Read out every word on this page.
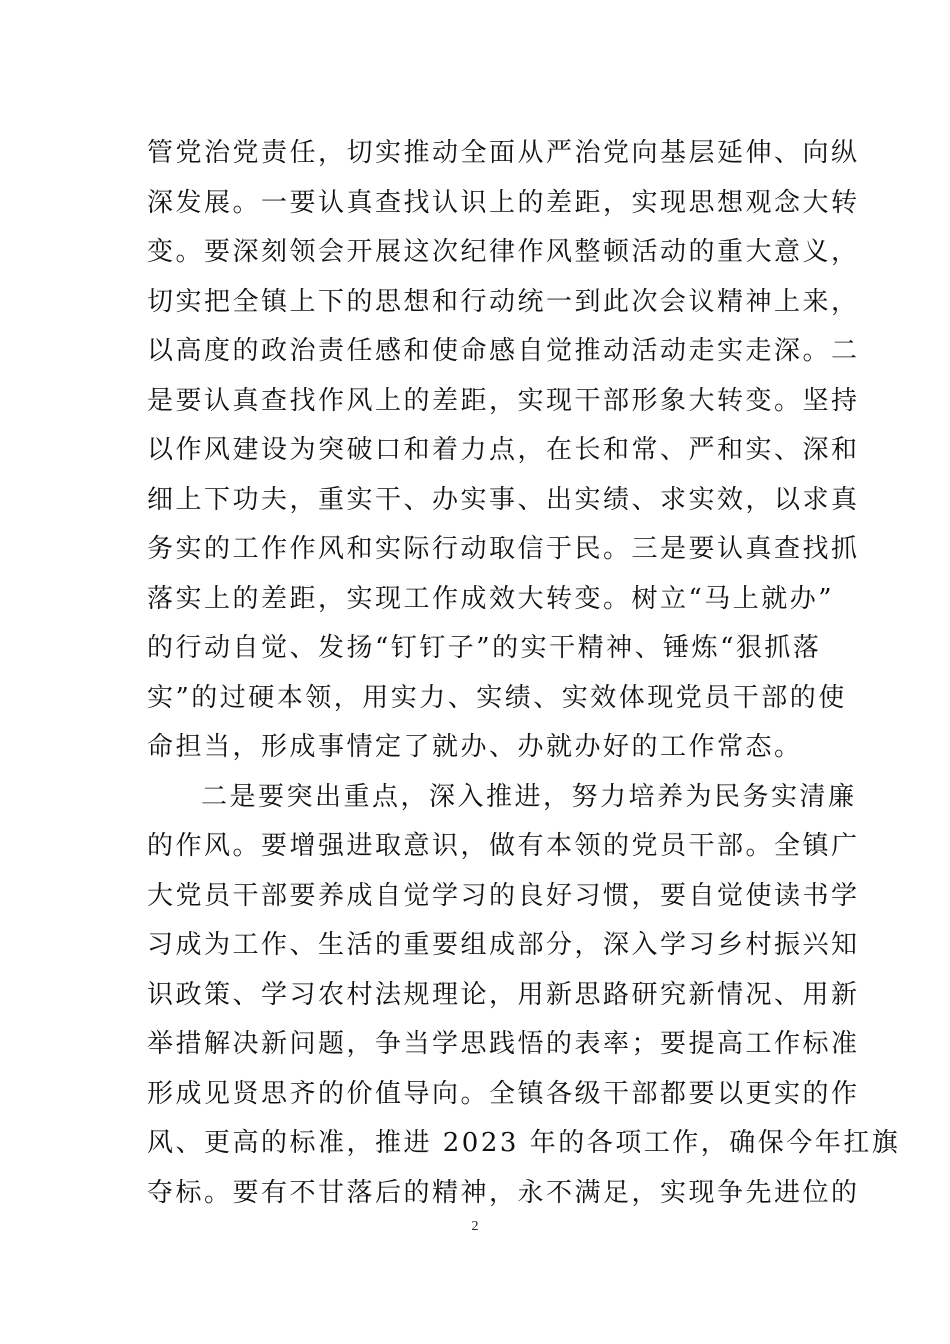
管党治党责任，切实推动全面从严治党向基层延伸、向纵
深发展。一要认真查找认识上的差距，实现思想观念大转
变。要深刻领会开展这次纪律作风整顿活动的重大意义，
切实把全镇上下的思想和行动统一到此次会议精神上来，
以高度的政治责任感和使命感自觉推动活动走实走深。二
是要认真查找作风上的差距，实现干部形象大转变。坚持
以作风建设为突破口和着力点，在长和常、严和实、深和
细上下功夫，重实干、办实事、出实绩、求实效，以求真
务实的工作作风和实际行动取信于民。三是要认真查找抓
落实上的差距，实现工作成效大转变。树立“马上就办”
的行动自觉、发扬“钉钉子”的实干精神、锤炼“狠抓落
实”的过硬本领，用实力、实绩、实效体现党员干部的使
命担当，形成事情定了就办、办就办好的工作常态。
二是要突出重点，深入推进，努力培养为民务实清廉
的作风。要增强进取意识，做有本领的党员干部。全镇广
大党员干部要养成自觉学习的良好习惯，要自觉使读书学
习成为工作、生活的重要组成部分，深入学习乡村振兴知
识政策、学习农村法规理论，用新思路研究新情况、用新
举措解决新问题，争当学思践悟的表率；要提高工作标准
形成见贤思齐的价值导向。全镇各级干部都要以更实的作
风、更高的标准，推进 2023 年的各项工作，确保今年扛旗
夺标。要有不甘落后的精神，永不满足，实现争先进位的
2
